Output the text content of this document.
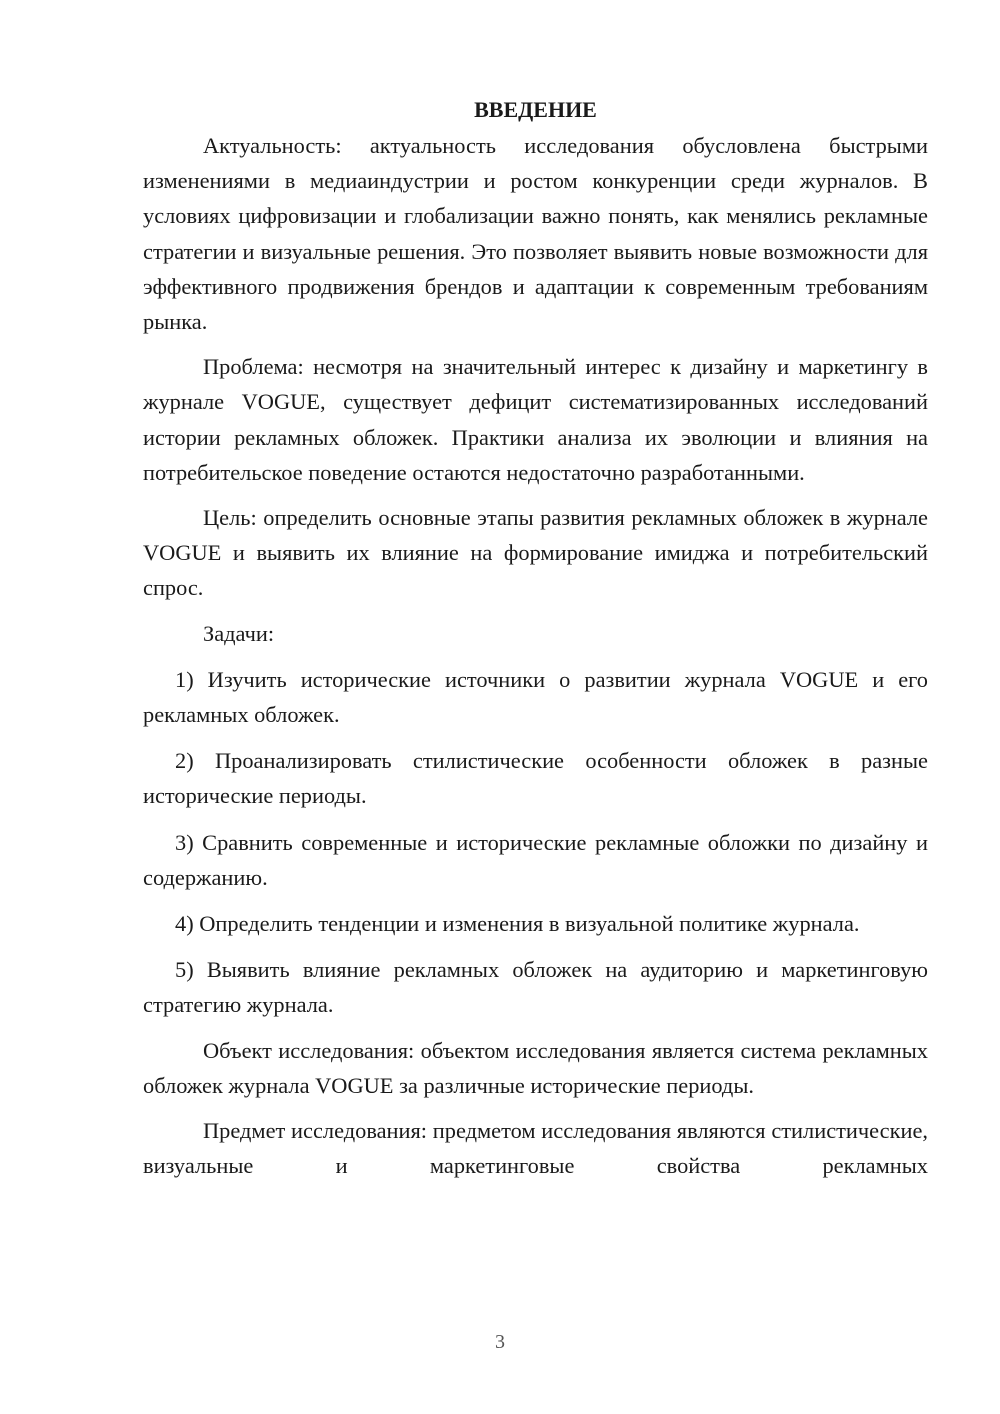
ВВЕДЕНИЕ

Актуальность: актуальность исследования обусловлена быстрыми изменениями в медиаиндустрии и ростом конкуренции среди журналов. В условиях цифровизации и глобализации важно понять, как менялись рекламные стратегии и визуальные решения. Это позволяет выявить новые возможности для эффективного продвижения брендов и адаптации к современным требованиям рынка.

Проблема: несмотря на значительный интерес к дизайну и маркетингу в журнале VOGUE, существует дефицит систематизированных исследований истории рекламных обложек. Практики анализа их эволюции и влияния на потребительское поведение остаются недостаточно разработанными.

Цель: определить основные этапы развития рекламных обложек в журнале VOGUE и выявить их влияние на формирование имиджа и потребительский спрос.

Задачи:

1) Изучить исторические источники о развитии журнала VOGUE и его рекламных обложек.

2) Проанализировать стилистические особенности обложек в разные исторические периоды.

3) Сравнить современные и исторические рекламные обложки по дизайну и содержанию.

4) Определить тенденции и изменения в визуальной политике журнала.

5) Выявить влияние рекламных обложек на аудиторию и маркетинговую стратегию журнала.

Объект исследования: объектом исследования является система рекламных обложек журнала VOGUE за различные исторические периоды.

Предмет исследования: предметом исследования являются стилистические, визуальные и маркетинговые свойства рекламных

3
